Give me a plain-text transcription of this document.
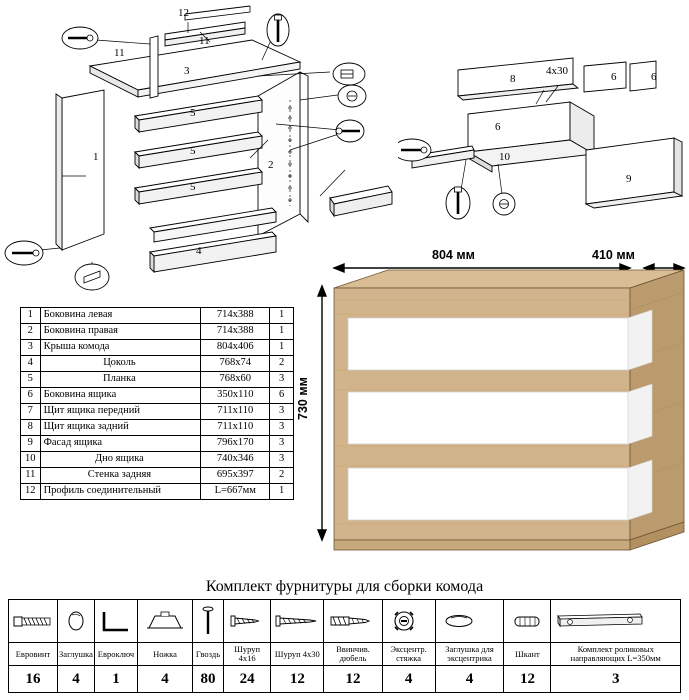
12
11
11
3
5
5
5
1
2
4
8
4х30	6	6
6
10
9
804 мм	410 мм
730 мм
1	Боковина левая	714х388	1
2	Боковина правая	714х388	1
3	Крыша комода	804х406	1
4	Цоколь	768х74	2
5	Планка	768х60	3
6	Боковина ящика	350х110	6
7	Щит ящика передний	711х110	3
8	Щит ящика задний	711х110	3
9	Фасад ящика	796х170	3
10	Дно ящика	740х346	3
11	Стенка задняя	695х397	2
12	Профиль соединительный	L=667мм	1
Комплект фурнитуры для сборки комода

Евровинт	Заглушка	Евроключ	Ножка	Гвоздь	Шуруп 4х16	Шуруп 4х30	Ввинчив. дюбель	Эксцентр. стяжка	Заглушка для эксцентрика	Шкант	Комплект роликовых направляющих L=350мм
16	4	1	4	80	24	12	12	4	4	12	3
